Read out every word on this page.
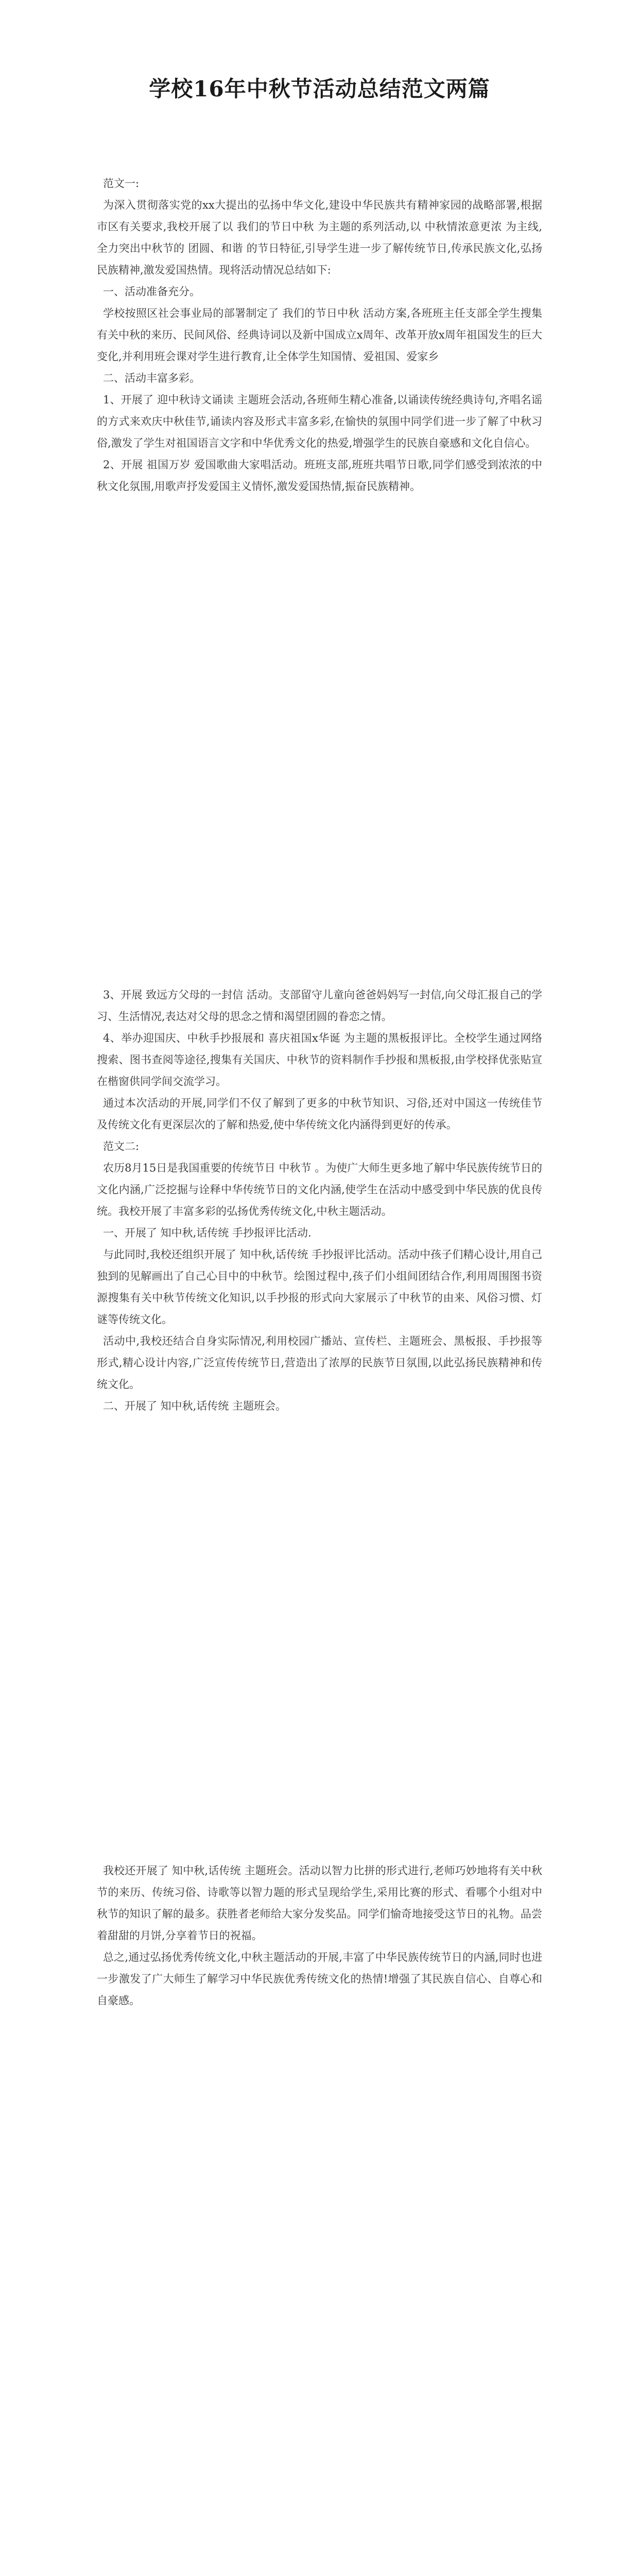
学校16年中秋节活动总结范文两篇

范文一:

为深入贯彻落实党的xx大提出的弘扬中华文化,建设中华民族共有精神家园的战略部署,根据市区有关要求,我校开展了以 我们的节日中秋 为主题的系列活动,以 中秋情浓意更浓 为主线,全力突出中秋节的 团圆、和谐 的节日特征,引导学生进一步了解传统节日,传承民族文化,弘扬民族精神,激发爱国热情。现将活动情况总结如下:

一、活动准备充分。

学校按照区社会事业局的部署制定了 我们的节日中秋 活动方案,各班班主任支部全学生搜集有关中秋的来历、民间风俗、经典诗词以及新中国成立x周年、改革开放x周年祖国发生的巨大变化,并利用班会课对学生进行教育,让全体学生知国情、爱祖国、爱家乡

二、活动丰富多彩。

1、开展了 迎中秋诗文诵读 主题班会活动,各班师生精心准备,以诵读传统经典诗句,齐唱名谣的方式来欢庆中秋佳节,诵读内容及形式丰富多彩,在愉快的氛围中同学们进一步了解了中秋习俗,激发了学生对祖国语言文字和中华优秀文化的热爱,增强学生的民族自豪感和文化自信心。

2、开展 祖国万岁 爱国歌曲大家唱活动。班班支部,班班共唱节日歌,同学们感受到浓浓的中秋文化氛围,用歌声抒发爱国主义情怀,激发爱国热情,振奋民族精神。

3、开展 致远方父母的一封信 活动。支部留守儿童向爸爸妈妈写一封信,向父母汇报自己的学习、生活情况,表达对父母的思念之情和渴望团圆的眷恋之情。

4、举办迎国庆、中秋手抄报展和 喜庆祖国x华诞 为主题的黑板报评比。全校学生通过网络搜索、图书查阅等途径,搜集有关国庆、中秋节的资料制作手抄报和黑板报,由学校择优张贴宣在楷窗供同学间交流学习。

通过本次活动的开展,同学们不仅了解到了更多的中秋节知识、习俗,还对中国这一传统佳节及传统文化有更深层次的了解和热爱,使中华传统文化内涵得到更好的传承。

范文二:

农历8月15日是我国重要的传统节日 中秋节 。为使广大师生更多地了解中华民族传统节日的文化内涵,广泛挖掘与诠释中华传统节日的文化内涵,使学生在活动中感受到中华民族的优良传统。我校开展了丰富多彩的弘扬优秀传统文化,中秋主题活动。

一、开展了 知中秋,话传统 手抄报评比活动.

与此同时,我校还组织开展了 知中秋,话传统 手抄报评比活动。活动中孩子们精心设计,用自己独到的见解画出了自己心目中的中秋节。绘图过程中,孩子们小组间团结合作,利用周围图书资源搜集有关中秋节传统文化知识,以手抄报的形式向大家展示了中秋节的由来、风俗习惯、灯谜等传统文化。

活动中,我校还结合自身实际情况,利用校园广播站、宣传栏、主题班会、黑板报、手抄报等形式,精心设计内容,广泛宣传传统节日,营造出了浓厚的民族节日氛围,以此弘扬民族精神和传统文化。

二、开展了 知中秋,话传统 主题班会。

我校还开展了 知中秋,话传统 主题班会。活动以智力比拼的形式进行,老师巧妙地将有关中秋节的来历、传统习俗、诗歌等以智力题的形式呈现给学生,采用比赛的形式、看哪个小组对中秋节的知识了解的最多。获胜者老师给大家分发奖品。同学们愉奇地接受这节日的礼物。品尝着甜甜的月饼,分享着节日的祝福。

总之,通过弘扬优秀传统文化,中秋主题活动的开展,丰富了中华民族传统节日的内涵,同时也进一步激发了广大师生了解学习中华民族优秀传统文化的热情!增强了其民族自信心、自尊心和自豪感。
